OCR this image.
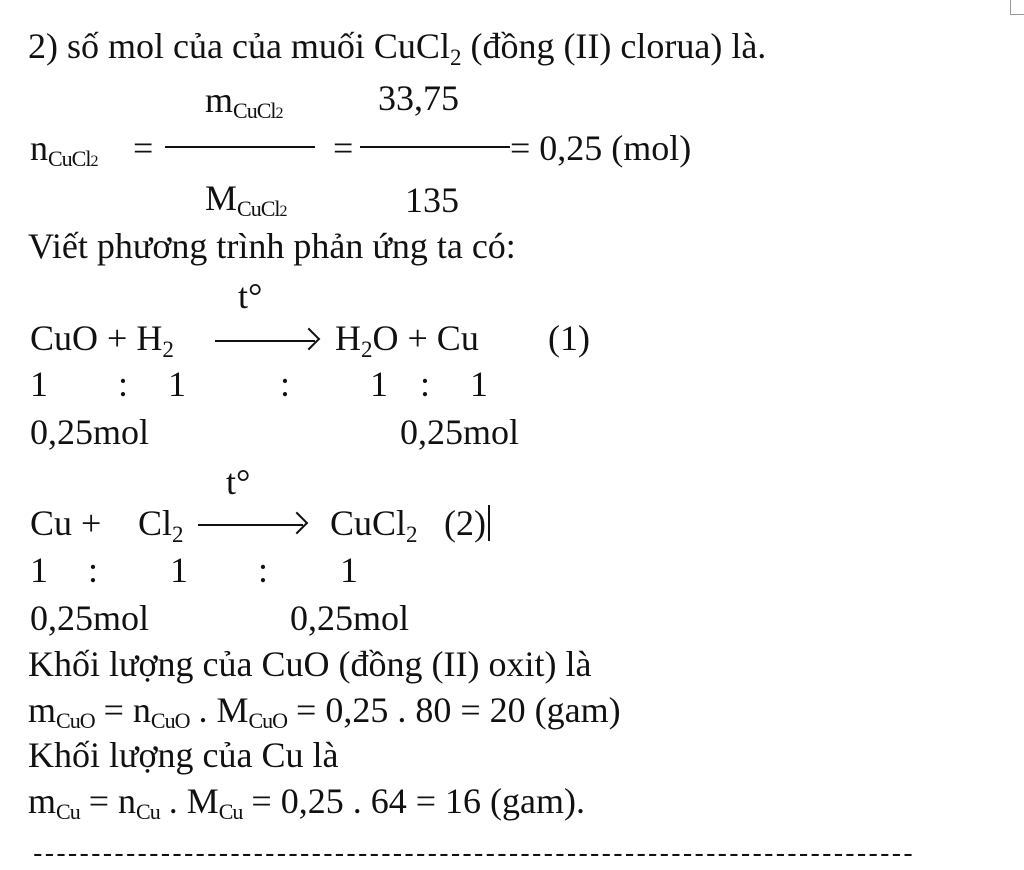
2) số mol của của muối CuCl$_2$ (đồng (II) clorua) là.
nCuCl2 =
mCuCl2
MCuCl2
=
33,75
135
= 0,25 (mol)
Viết phương trình phản ứng ta có:
t°
CuO + $H_2$	$H_2O + Cu$ (1)
1 : 1	: 1 : 1
0,25mol	0,25mol
t°
$Cu + Cl_2$	CuCl$_2$ (2)
1 : 1 : 1
0,25mol	0,25mol
Khối lượng của CuO (đồng (II) oxit) là
mCuO = nCuO . MCuO = 0,25 . 80 = 20 (gam)
Khối lượng của Cu là
mCu = nCu . MCu = 0,25 . 64 = 16 (gam).
----------------------------------------------------------------------------
